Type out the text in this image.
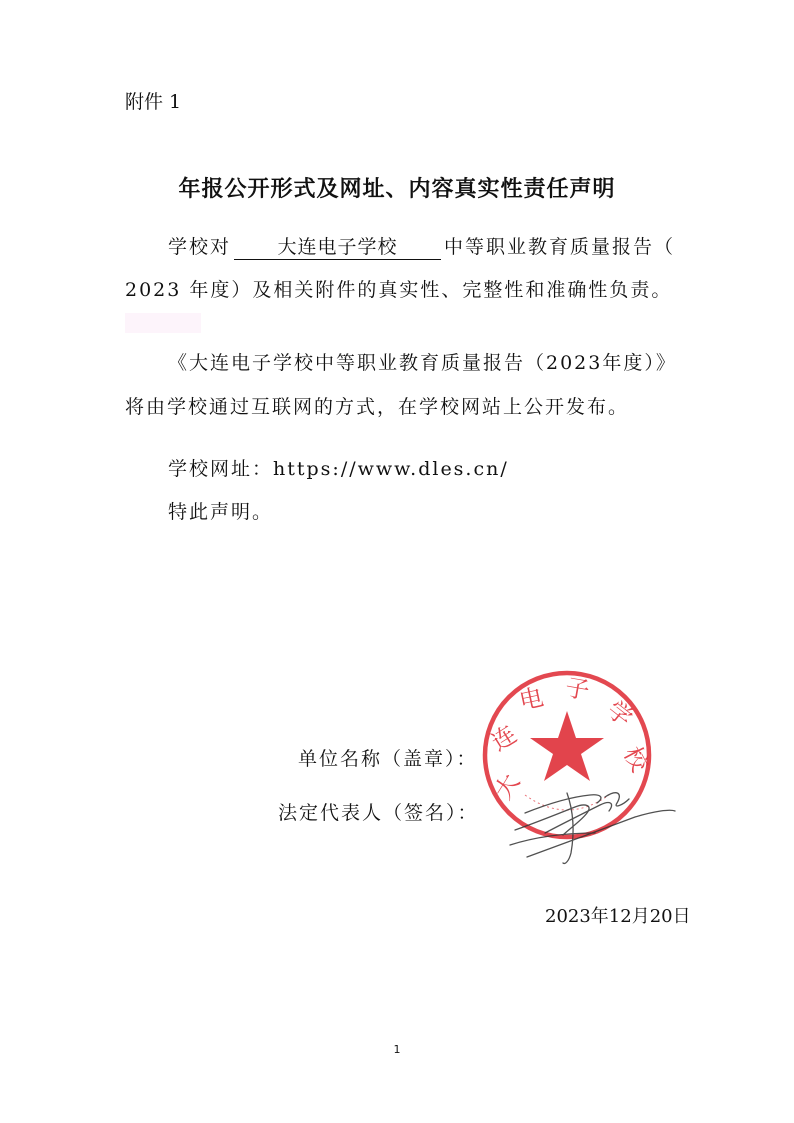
附件 1
年报公开形式及网址、内容真实性责任声明
学校对 大连电子学校 中等职业教育质量报告（
2023 年度）及相关附件的真实性、完整性和准确性负责。
《大连电子学校中等职业教育质量报告（2023年度）》
将由学校通过互联网的方式，在学校网站上公开发布。
学校网址：https://www.dles.cn/
特此声明。
单位名称（盖章）：
法定代表人（签名）：
大
连
电 子
学
校
2023年12月20日
1
